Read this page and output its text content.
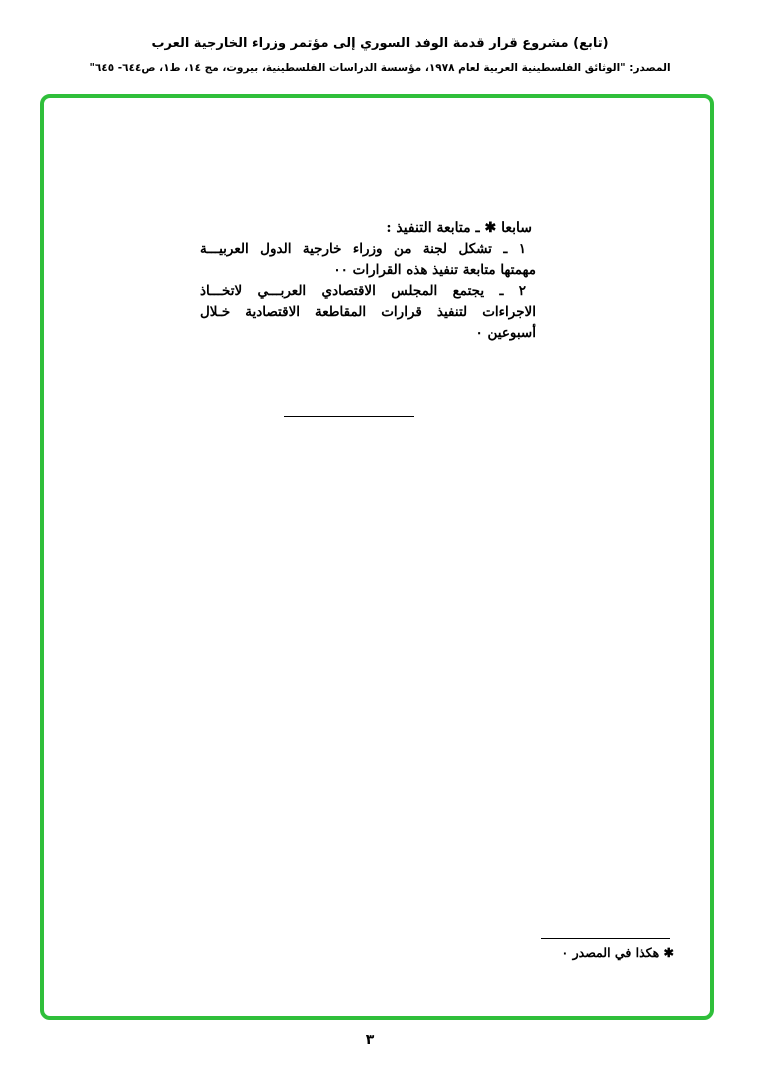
(تابع) مشروع قرار قدمة الوفد السوري إلى مؤتمر وزراء الخارجية العرب
المصدر: "الوثائق الفلسطينية العربية لعام ١٩٧٨، مؤسسة الدراسات الفلسطينية، بيروت، مج ١٤، ط١، ص٦٤٤- ٦٤٥"
سابعا ✱ ـ متابعة التنفيذ :
١ ـ تشكل لجنة من وزراء خارجية الدول العربيـــة
مهمتها متابعة تنفيذ هذه القرارات ٠٠
٢ ـ يجتمع المجلس الاقتصادي العربـــي لاتخـــاذ
الاجراءات لتنفيذ قرارات المقاطعة الاقتصادية خـلال
أسبوعين ٠
✱ هكذا في المصدر ٠
٣
